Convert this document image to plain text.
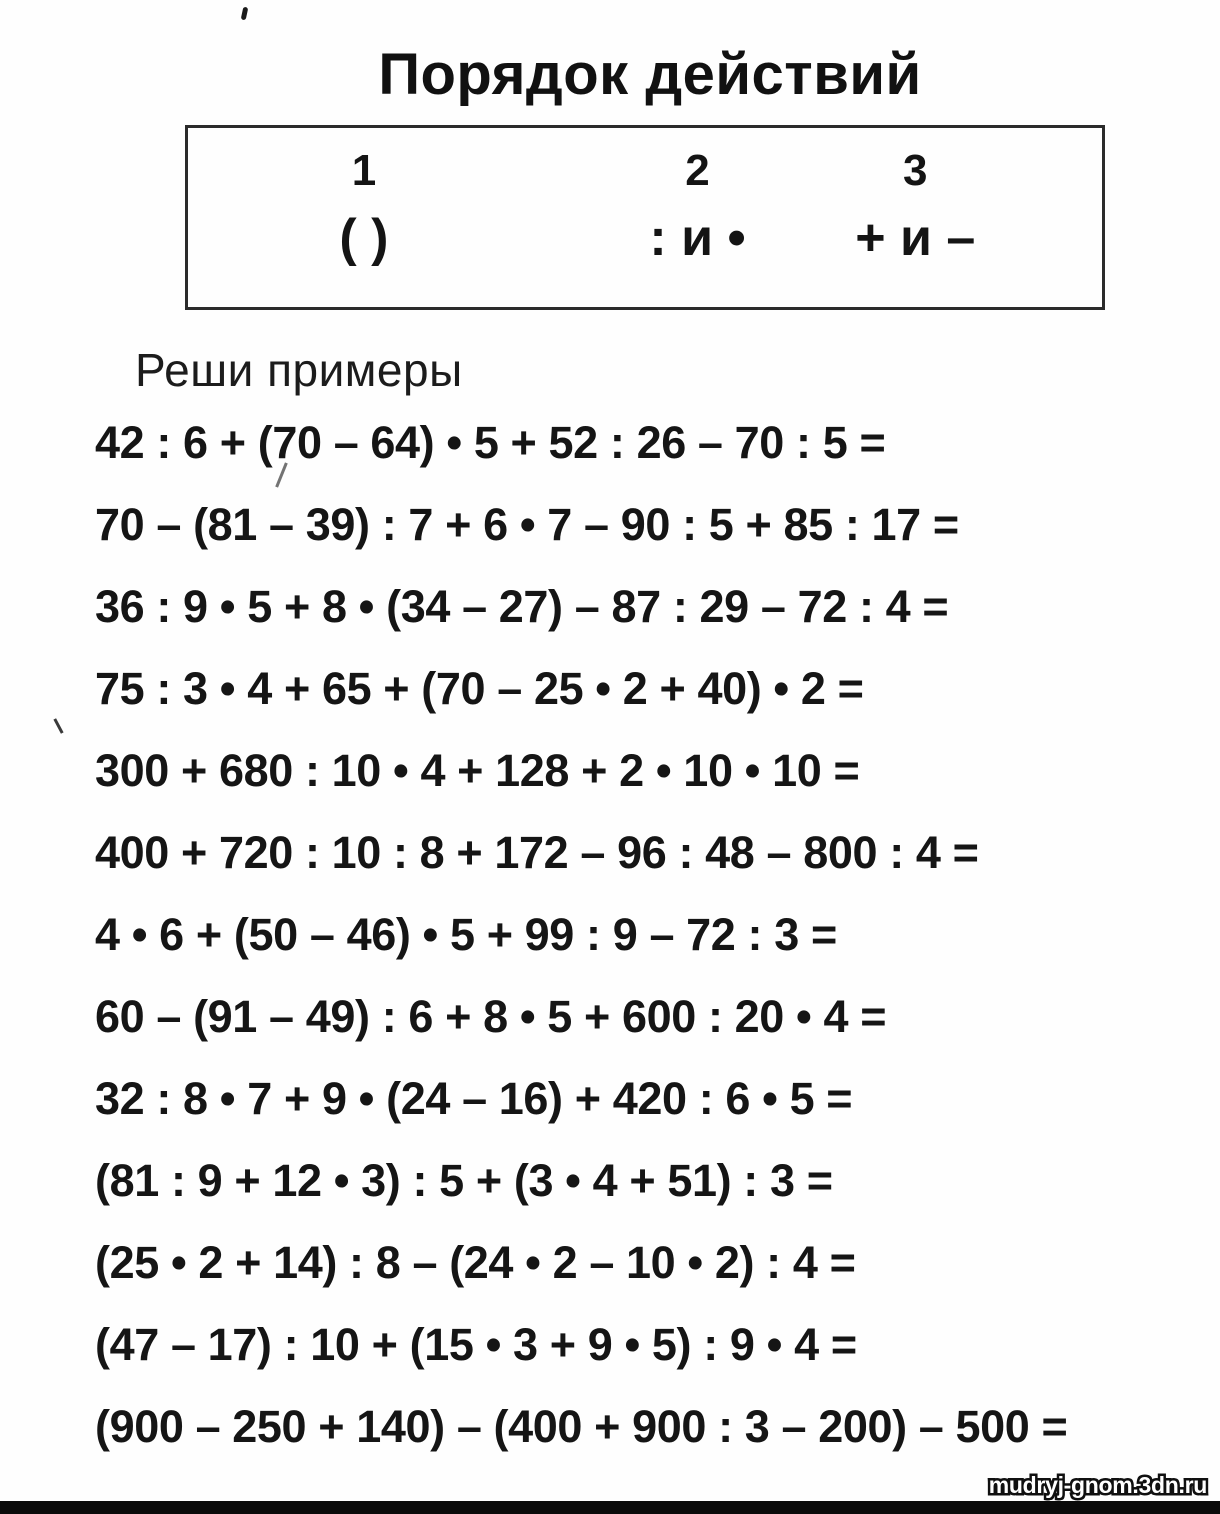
Порядок действий
1
( )
2
: и •
3
+ и –
Реши примеры
42 : 6 + (70 – 64) • 5 + 52 : 26 – 70 : 5 =
70 – (81 – 39) : 7 + 6 • 7 – 90 : 5 + 85 : 17 =
36 : 9 • 5 + 8 • (34 – 27) – 87 : 29 – 72 : 4 =
75 : 3 • 4 + 65 + (70 – 25 • 2 + 40) • 2 =
300 + 680 : 10 • 4 + 128 + 2 • 10 • 10 =
400 + 720 : 10 : 8 + 172 – 96 : 48 – 800 : 4 =
4 • 6 + (50 – 46) • 5 + 99 : 9 – 72 : 3 =
60 – (91 – 49) : 6 + 8 • 5 + 600 : 20 • 4 =
32 : 8 • 7 + 9 • (24 – 16) + 420 : 6 • 5 =
(81 : 9 + 12 • 3) : 5 + (3 • 4 + 51) : 3 =
(25 • 2 + 14) : 8 – (24 • 2 – 10 • 2) : 4 =
(47 – 17) : 10 + (15 • 3 + 9 • 5) : 9 • 4 =
(900 – 250 + 140) – (400 + 900 : 3 – 200) – 500 =
mudryj-gnom.3dn.ru
